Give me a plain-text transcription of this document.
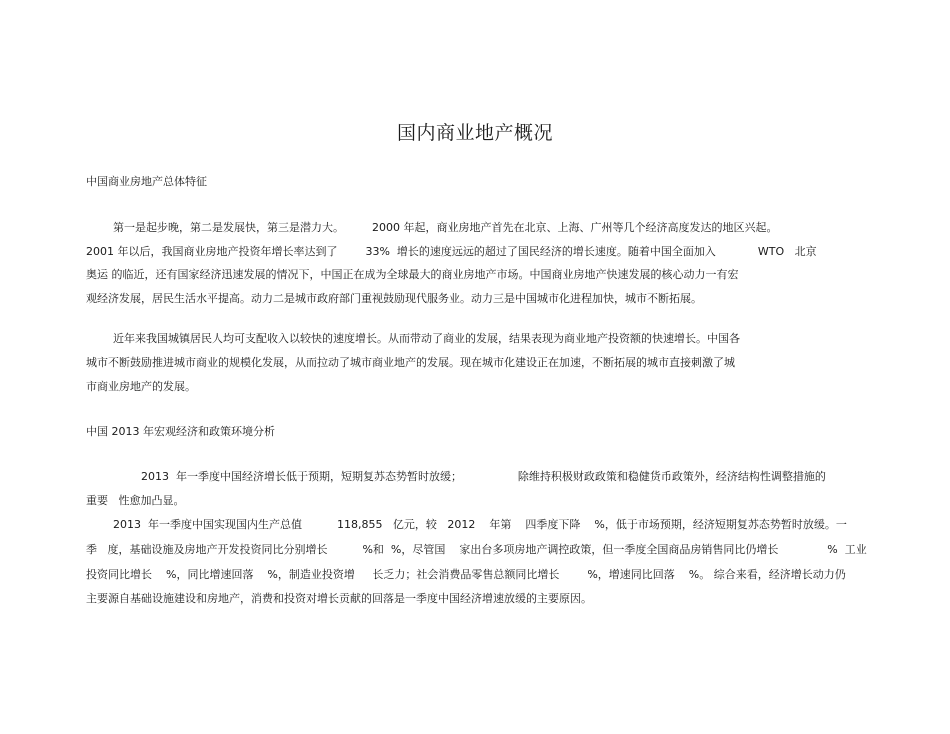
国内商业地产概况
中国商业房地产总体特征
第一是起步晚，第二是发展快，第三是潜力大。        2000 年起，商业房地产首先在北京、上海、广州等几个经济高度发达的地区兴起。
2001 年以后，我国商业房地产投资年增长率达到了        33%  增长的速度远远的超过了国民经济的增长速度。随着中国全面加入            WTO   北京
奥运 的临近，还有国家经济迅速发展的情况下，中国正在成为全球最大的商业房地产市场。中国商业房地产快速发展的核心动力一有宏
观经济发展，居民生活水平提高。动力二是城市政府部门重视鼓励现代服务业。动力三是中国城市化进程加快，城市不断拓展。
近年来我国城镇居民人均可支配收入以较快的速度增长。从而带动了商业的发展，结果表现为商业地产投资额的快速增长。中国各
城市不断鼓励推进城市商业的规模化发展，从而拉动了城市商业地产的发展。现在城市化建设正在加速，不断拓展的城市直接刺激了城
市商业房地产的发展。
中国 2013 年宏观经济和政策环境分析
2013  年一季度中国经济增长低于预期，短期复苏态势暂时放缓；                除维持积极财政政策和稳健货币政策外，经济结构性调整措施的
重要   性愈加凸显。
2013  年一季度中国实现国内生产总值          118,855   亿元，较   2012    年第    四季度下降    %，低于市场预期，经济短期复苏态势暂时放缓。一
季   度，基础设施及房地产开发投资同比分别增长          %和  %，尽管国    家出台多项房地产调控政策，但一季度全国商品房销售同比仍增长              %  工业
投资同比增长    %，同比增速回落    %，制造业投资增     长乏力；社会消费品零售总额同比增长        %，增速同比回落    %。 综合来看，经济增长动力仍
主要源自基础设施建设和房地产，消费和投资对增长贡献的回落是一季度中国经济增速放缓的主要原因。
